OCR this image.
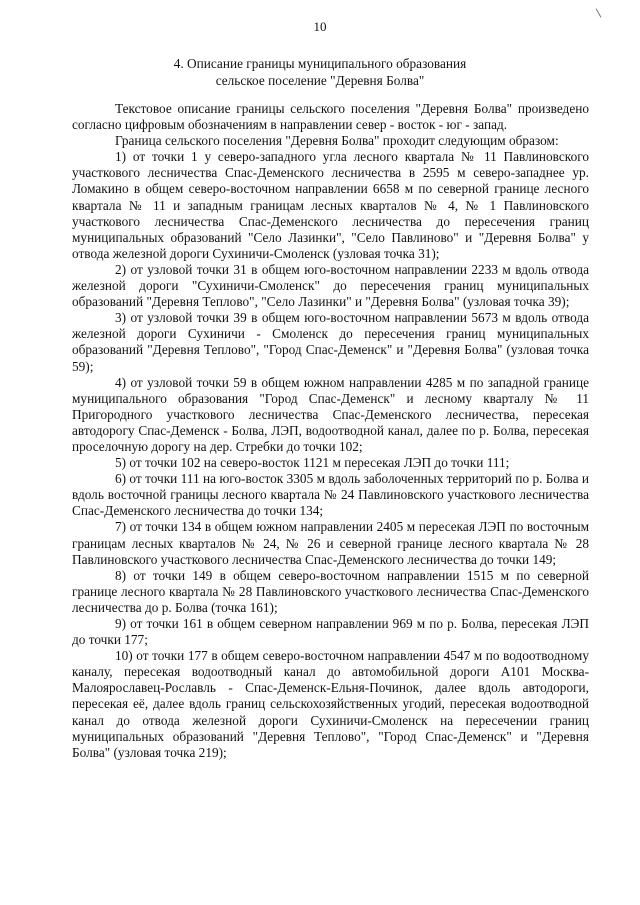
10
4. Описание границы муниципального образования
сельское поселение "Деревня Болва"

Текстовое описание границы сельского поселения "Деревня Болва" произведено согласно цифровым обозначениям в направлении север - восток - юг - запад.

Граница сельского поселения "Деревня Болва" проходит следующим образом:

1) от точки 1 у северо-западного угла лесного квартала № 11 Павлиновского участкового лесничества Спас-Деменского лесничества в 2595 м северо-западнее ур. Ломакино в общем северо-восточном направлении 6658 м по северной границе лесного квартала № 11 и западным границам лесных кварталов № 4, № 1 Павлиновского участкового лесничества Спас-Деменского лесничества до пересечения границ муниципальных образований "Село Лазинки", "Село Павлиново" и "Деревня Болва" у отвода железной дороги Сухиничи-Смоленск (узловая точка 31);

2) от узловой точки 31 в общем юго-восточном направлении 2233 м вдоль отвода железной дороги "Сухиничи-Смоленск" до пересечения границ муниципальных образований "Деревня Теплово", "Село Лазинки" и "Деревня Болва" (узловая точка 39);

3) от узловой точки 39 в общем юго-восточном направлении 5673 м вдоль отвода железной дороги Сухиничи - Смоленск до пересечения границ муниципальных образований "Деревня Теплово", "Город Спас-Деменск" и "Деревня Болва" (узловая точка 59);

4) от узловой точки 59 в общем южном направлении 4285 м по западной границе муниципального образования "Город Спас-Деменск" и лесному кварталу № 11 Пригородного участкового лесничества Спас-Деменского лесничества, пересекая автодорогу Спас-Деменск - Болва, ЛЭП, водоотводной канал, далее по р. Болва, пересекая проселочную дорогу на дер. Стребки до точки 102;

5) от точки 102 на северо-восток 1121 м пересекая ЛЭП до точки 111;

6) от точки 111 на юго-восток 3305 м вдоль заболоченных территорий по р. Болва и вдоль восточной границы лесного квартала № 24 Павлиновского участкового лесничества Спас-Деменского лесничества до точки 134;

7) от точки 134 в общем южном направлении 2405 м пересекая ЛЭП по восточным границам лесных кварталов № 24, № 26 и северной границе лесного квартала № 28 Павлиновского участкового лесничества Спас-Деменского лесничества до точки 149;

8) от точки 149 в общем северо-восточном направлении 1515 м по северной границе лесного квартала № 28 Павлиновского участкового лесничества Спас-Деменского лесничества до р. Болва (точка 161);

9) от точки 161 в общем северном направлении 969 м по р. Болва, пересекая ЛЭП до точки 177;

10) от точки 177 в общем северо-восточном направлении 4547 м по водоотводному каналу, пересекая водоотводный канал до автомобильной дороги А101 Москва-Малоярославец-Рославль - Спас-Деменск-Ельня-Починок, далее вдоль автодороги, пересекая её, далее вдоль границ сельскохозяйственных угодий, пересекая водоотводной канал до отвода железной дороги Сухиничи-Смоленск на пересечении границ муниципальных образований "Деревня Теплово", "Город Спас-Деменск" и "Деревня Болва" (узловая точка 219);
